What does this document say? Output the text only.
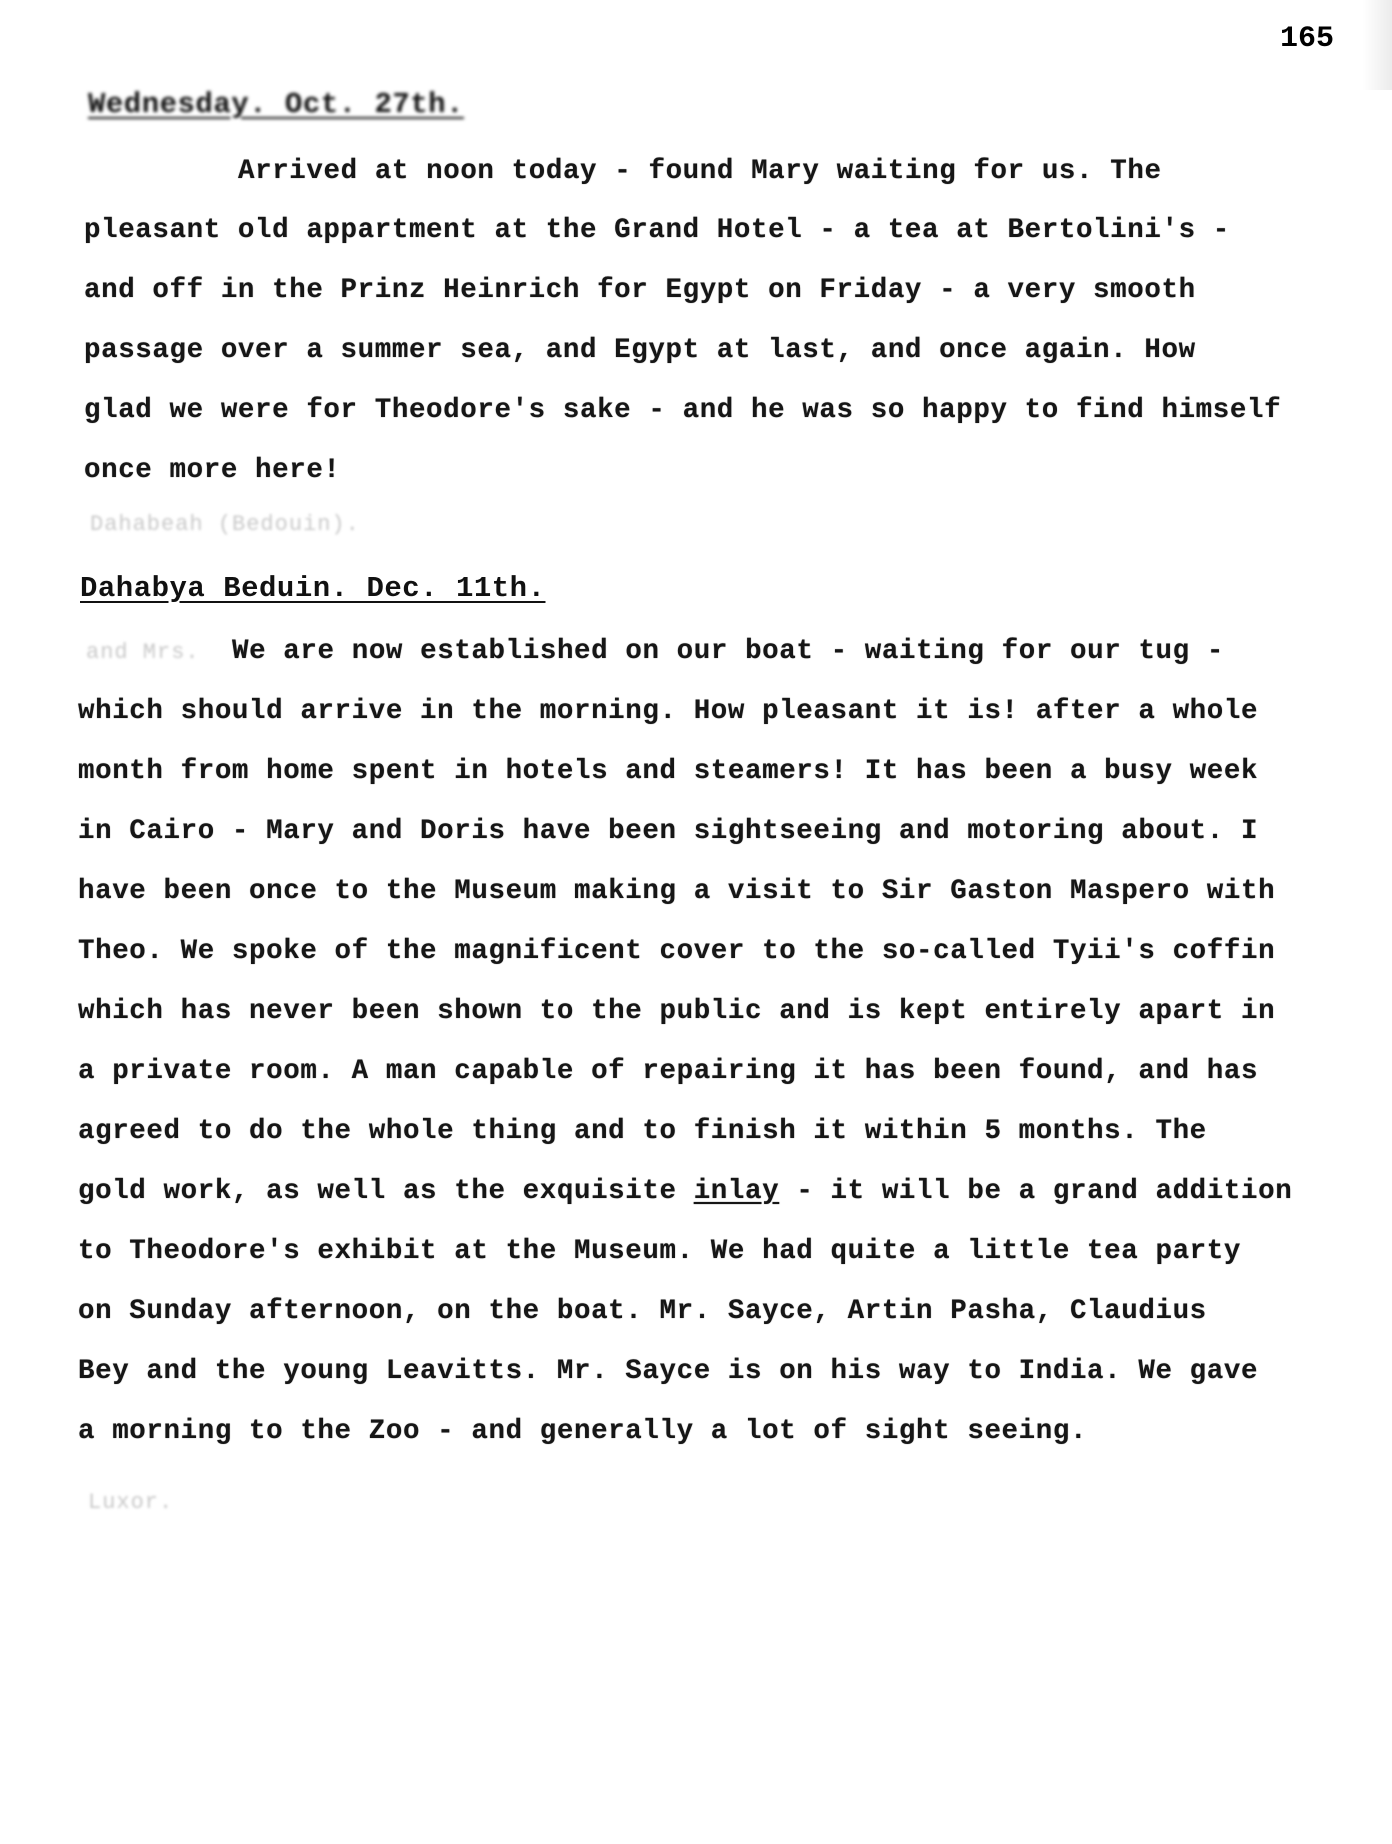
165
Wednesday. Oct. 27th.
Arrived at noon today - found Mary waiting for us. The
pleasant old appartment at the Grand Hotel - a tea at Bertolini's -
and off in the Prinz Heinrich for Egypt on Friday - a very smooth
passage over a summer sea, and Egypt at last, and once again. How
glad we were for Theodore's sake - and he was so happy to find himself
once more here!
Dahabeah (Bedouin).
Dahabya Beduin. Dec. 11th.
and Mrs. We are now established on our boat - waiting for our tug -
which should arrive in the morning. How pleasant it is! after a whole
month from home spent in hotels and steamers! It has been a busy week
in Cairo - Mary and Doris have been sightseeing and motoring about. I
have been once to the Museum making a visit to Sir Gaston Maspero with
Theo. We spoke of the magnificent cover to the so-called Tyii's coffin
which has never been shown to the public and is kept entirely apart in
a private room. A man capable of repairing it has been found, and has
agreed to do the whole thing and to finish it within 5 months. The
gold work, as well as the exquisite inlay - it will be a grand addition
to Theodore's exhibit at the Museum. We had quite a little tea party
on Sunday afternoon, on the boat. Mr. Sayce, Artin Pasha, Claudius
Bey and the young Leavitts. Mr. Sayce is on his way to India. We gave
a morning to the Zoo - and generally a lot of sight seeing.
Luxor.
